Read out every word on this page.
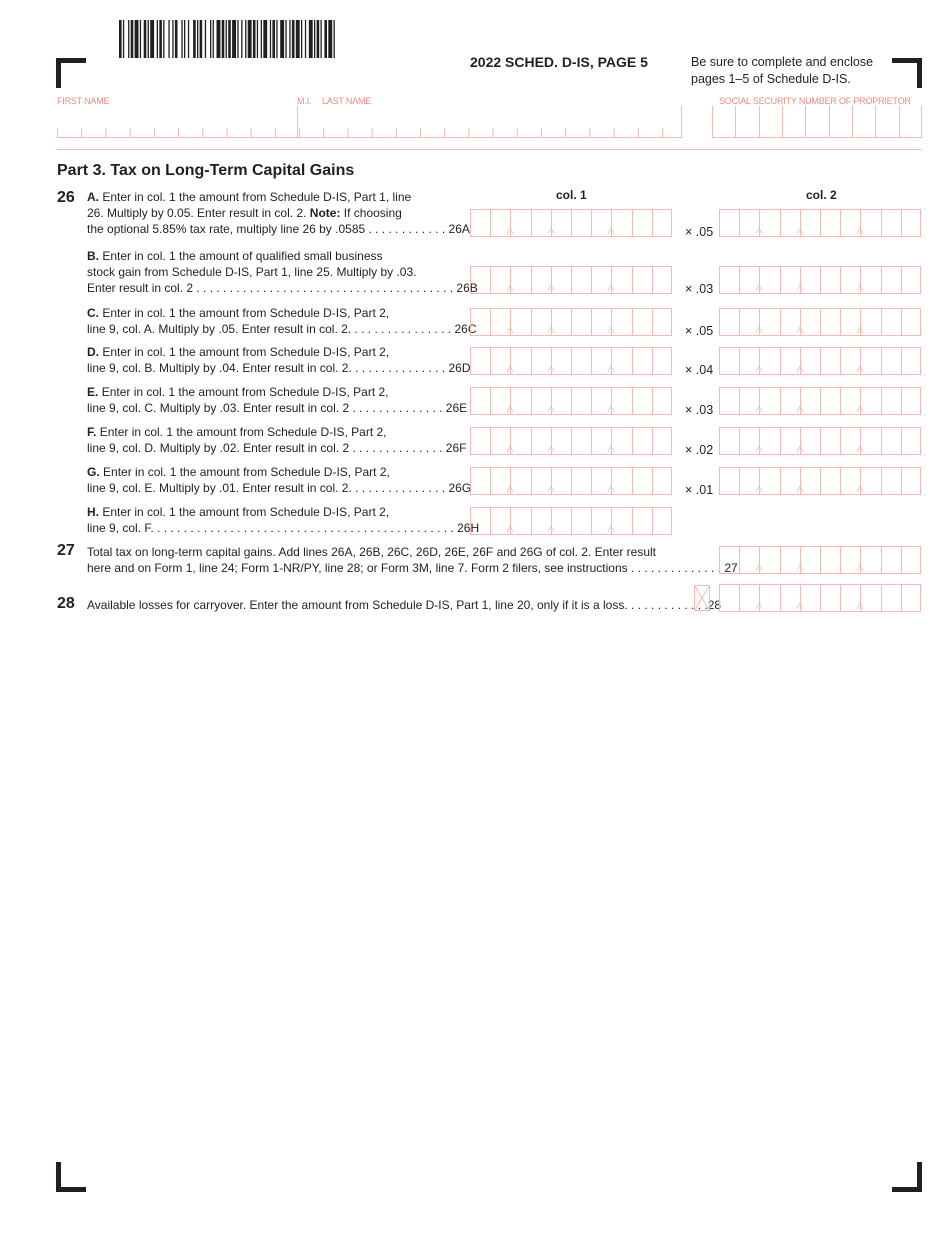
2022 SCHED. D-IS, PAGE 5	Be sure to complete and enclose
pages 1–5 of Schedule D-IS.
FIRST NAME	M.I. LAST NAME	SOCIAL SECURITY NUMBER OF PROPRIETOR
Part 3. Tax on Long-Term Capital Gains
col. 1	col. 2
26 A. Enter in col. 1 the amount from Schedule D-IS, Part 1, line
26. Multiply by 0.05. Enter result in col. 2. Note: If choosing
the optional 5.85% tax rate, multiply line 26 by .0585 . . . . . . . . . . . . 26A	× .05
B. Enter in col. 1 the amount of qualified small business
stock gain from Schedule D-IS, Part 1, line 25. Multiply by .03.
Enter result in col. 2 . . . . . . . . . . . . . . . . . . . . . . . . . . . . . . . . . . . . . . . 26B	× .03
C. Enter in col. 1 the amount from Schedule D-IS, Part 2,
line 9, col. A. Multiply by .05. Enter result in col. 2. . . . . . . . . . . . . . . . 26C	× .05
D. Enter in col. 1 the amount from Schedule D-IS, Part 2,
line 9, col. B. Multiply by .04. Enter result in col. 2. . . . . . . . . . . . . . . 26D	× .04
E. Enter in col. 1 the amount from Schedule D-IS, Part 2,
line 9, col. C. Multiply by .03. Enter result in col. 2 . . . . . . . . . . . . . . 26E	× .03
F. Enter in col. 1 the amount from Schedule D-IS, Part 2,
line 9, col. D. Multiply by .02. Enter result in col. 2 . . . . . . . . . . . . . . 26F	× .02
G. Enter in col. 1 the amount from Schedule D-IS, Part 2,
line 9, col. E. Multiply by .01. Enter result in col. 2. . . . . . . . . . . . . . . 26G	× .01
H. Enter in col. 1 the amount from Schedule D-IS, Part 2,
line 9, col. F. . . . . . . . . . . . . . . . . . . . . . . . . . . . . . . . . . . . . . . . . . . . . . 26H
27 Total tax on long-term capital gains. Add lines 26A, 26B, 26C, 26D, 26E, 26F and 26G of col. 2. Enter result
here and on Form 1, line 24; Form 1-NR/PY, line 28; or Form 3M, line 7. Form 2 filers, see instructions . . . . . . . . . . . . . . 27
28 Available losses for carryover. Enter the amount from Schedule D-IS, Part 1, line 20, only if it is a loss. . . . . . . . . . . . .28
